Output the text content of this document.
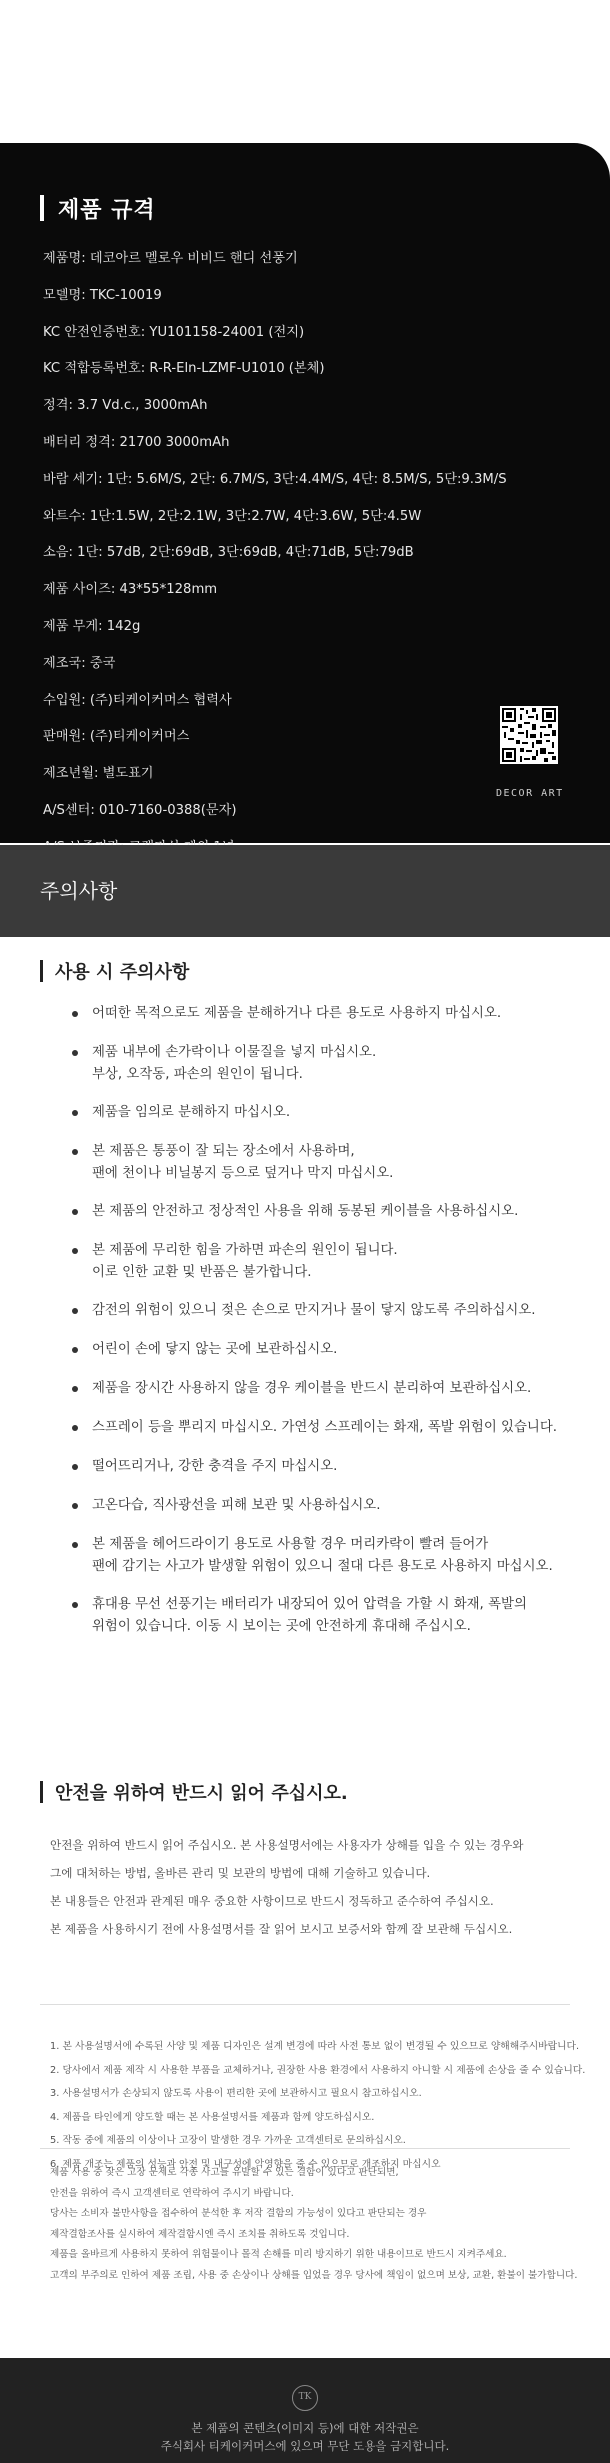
제품 규격
제품명: 데코아르 멜로우 비비드 핸디 선풍기
모델명: TKC-10019
KC 안전인증번호: YU101158-24001 (전지)
KC 적합등록번호: R-R-Eln-LZMF-U1010 (본체)
정격: 3.7 Vd.c., 3000mAh
배터리 정격: 21700 3000mAh
바람 세기: 1단: 5.6M/S, 2단: 6.7M/S, 3단:4.4M/S, 4단: 8.5M/S, 5단:9.3M/S
와트수: 1단:1.5W, 2단:2.1W, 3단:2.7W, 4단:3.6W, 5단:4.5W
소음: 1단: 57dB, 2단:69dB, 3단:69dB, 4단:71dB, 5단:79dB
제품 사이즈: 43*55*128mm
제품 무게: 142g
제조국: 중국
수입원: (주)티케이커머스 협력사
판매원: (주)티케이커머스
제조년월: 별도표기
A/S센터: 010-7160-0388(문자)
DECOR ART
주의사항
사용 시 주의사항
어떠한 목적으로도 제품을 분해하거나 다른 용도로 사용하지 마십시오.
제품 내부에 손가락이나 이물질을 넣지 마십시오.
부상, 오작동, 파손의 원인이 됩니다.
제품을 임의로 분해하지 마십시오.
본 제품은 통풍이 잘 되는 장소에서 사용하며,
팬에 천이나 비닐봉지 등으로 덮거나 막지 마십시오.
본 제품의 안전하고 정상적인 사용을 위해 동봉된 케이블을 사용하십시오.
본 제품에 무리한 힘을 가하면 파손의 원인이 됩니다.
이로 인한 교환 및 반품은 불가합니다.
감전의 위험이 있으니 젖은 손으로 만지거나 물이 닿지 않도록 주의하십시오.
어린이 손에 닿지 않는 곳에 보관하십시오.
제품을 장시간 사용하지 않을 경우 케이블을 반드시 분리하여 보관하십시오.
스프레이 등을 뿌리지 마십시오. 가연성 스프레이는 화재, 폭발 위험이 있습니다.
떨어뜨리거나, 강한 충격을 주지 마십시오.
고온다습, 직사광선을 피해 보관 및 사용하십시오.
본 제품을 헤어드라이기 용도로 사용할 경우 머리카락이 빨려 들어가
팬에 감기는 사고가 발생할 위험이 있으니 절대 다른 용도로 사용하지 마십시오.
휴대용 무선 선풍기는 배터리가 내장되어 있어 압력을 가할 시 화재, 폭발의
위험이 있습니다. 이동 시 보이는 곳에 안전하게 휴대해 주십시오.
안전을 위하여 반드시 읽어 주십시오.
안전을 위하여 반드시 읽어 주십시오. 본 사용설명서에는 사용자가 상해를 입을 수 있는 경우와
그에 대처하는 방법, 올바른 관리 및 보관의 방법에 대해 기술하고 있습니다.
본 내용들은 안전과 관계된 매우 중요한 사항이므로 반드시 정독하고 준수하여 주십시오.
본 제품을 사용하시기 전에 사용설명서를 잘 읽어 보시고 보증서와 함께 잘 보관해 두십시오.
1. 본 사용설명서에 수록된 사양 및 제품 디자인은 설계 변경에 따라 사전 통보 없이 변경될 수 있으므로 양해해주시바랍니다.
2. 당사에서 제품 제작 시 사용한 부품을 교체하거나, 권장한 사용 환경에서 사용하지 아니할 시 제품에 손상을 줄 수 있습니다.
3. 사용설명서가 손상되지 않도록 사용이 편리한 곳에 보관하시고 필요시 참고하십시오.
4. 제품을 타인에게 양도할 때는 본 사용설명서를 제품과 함께 양도하십시오.
5. 작동 중에 제품의 이상이나 고장이 발생한 경우 가까운 고객센터로 문의하십시오.
6. 제품 개조는 제품의 성능과 안전 및 내구성에 악영향을 줄 수 있으므로 개조하지 마십시오
제품 사용 중 잦은 고장 문제로 각종 사고를 유발할 수 있는 결함이 있다고 판단되면,
안전을 위하여 즉시 고객센터로 연락하여 주시기 바랍니다.
당사는 소비자 불만사항을 접수하여 분석한 후 저작 결함의 가능성이 있다고 판단되는 경우
제작결함조사를 실시하여 제작결함시엔 즉시 조치를 취하도록 것입니다.
제품을 올바르게 사용하지 못하여 위험물이나 몰적 손해를 미리 방지하기 위한 내용이므로 반드시 지켜주세요.
고객의 부주의로 인하여 제품 조립, 사용 중 손상이나 상해를 입었을 경우 당사에 책임이 없으며 보상, 교환, 환불이 불가합니다.
TK
본 제품의 콘텐츠(이미지 등)에 대한 저작권은
주식회사 티케이커머스에 있으며 무단 도용을 금지합니다.
